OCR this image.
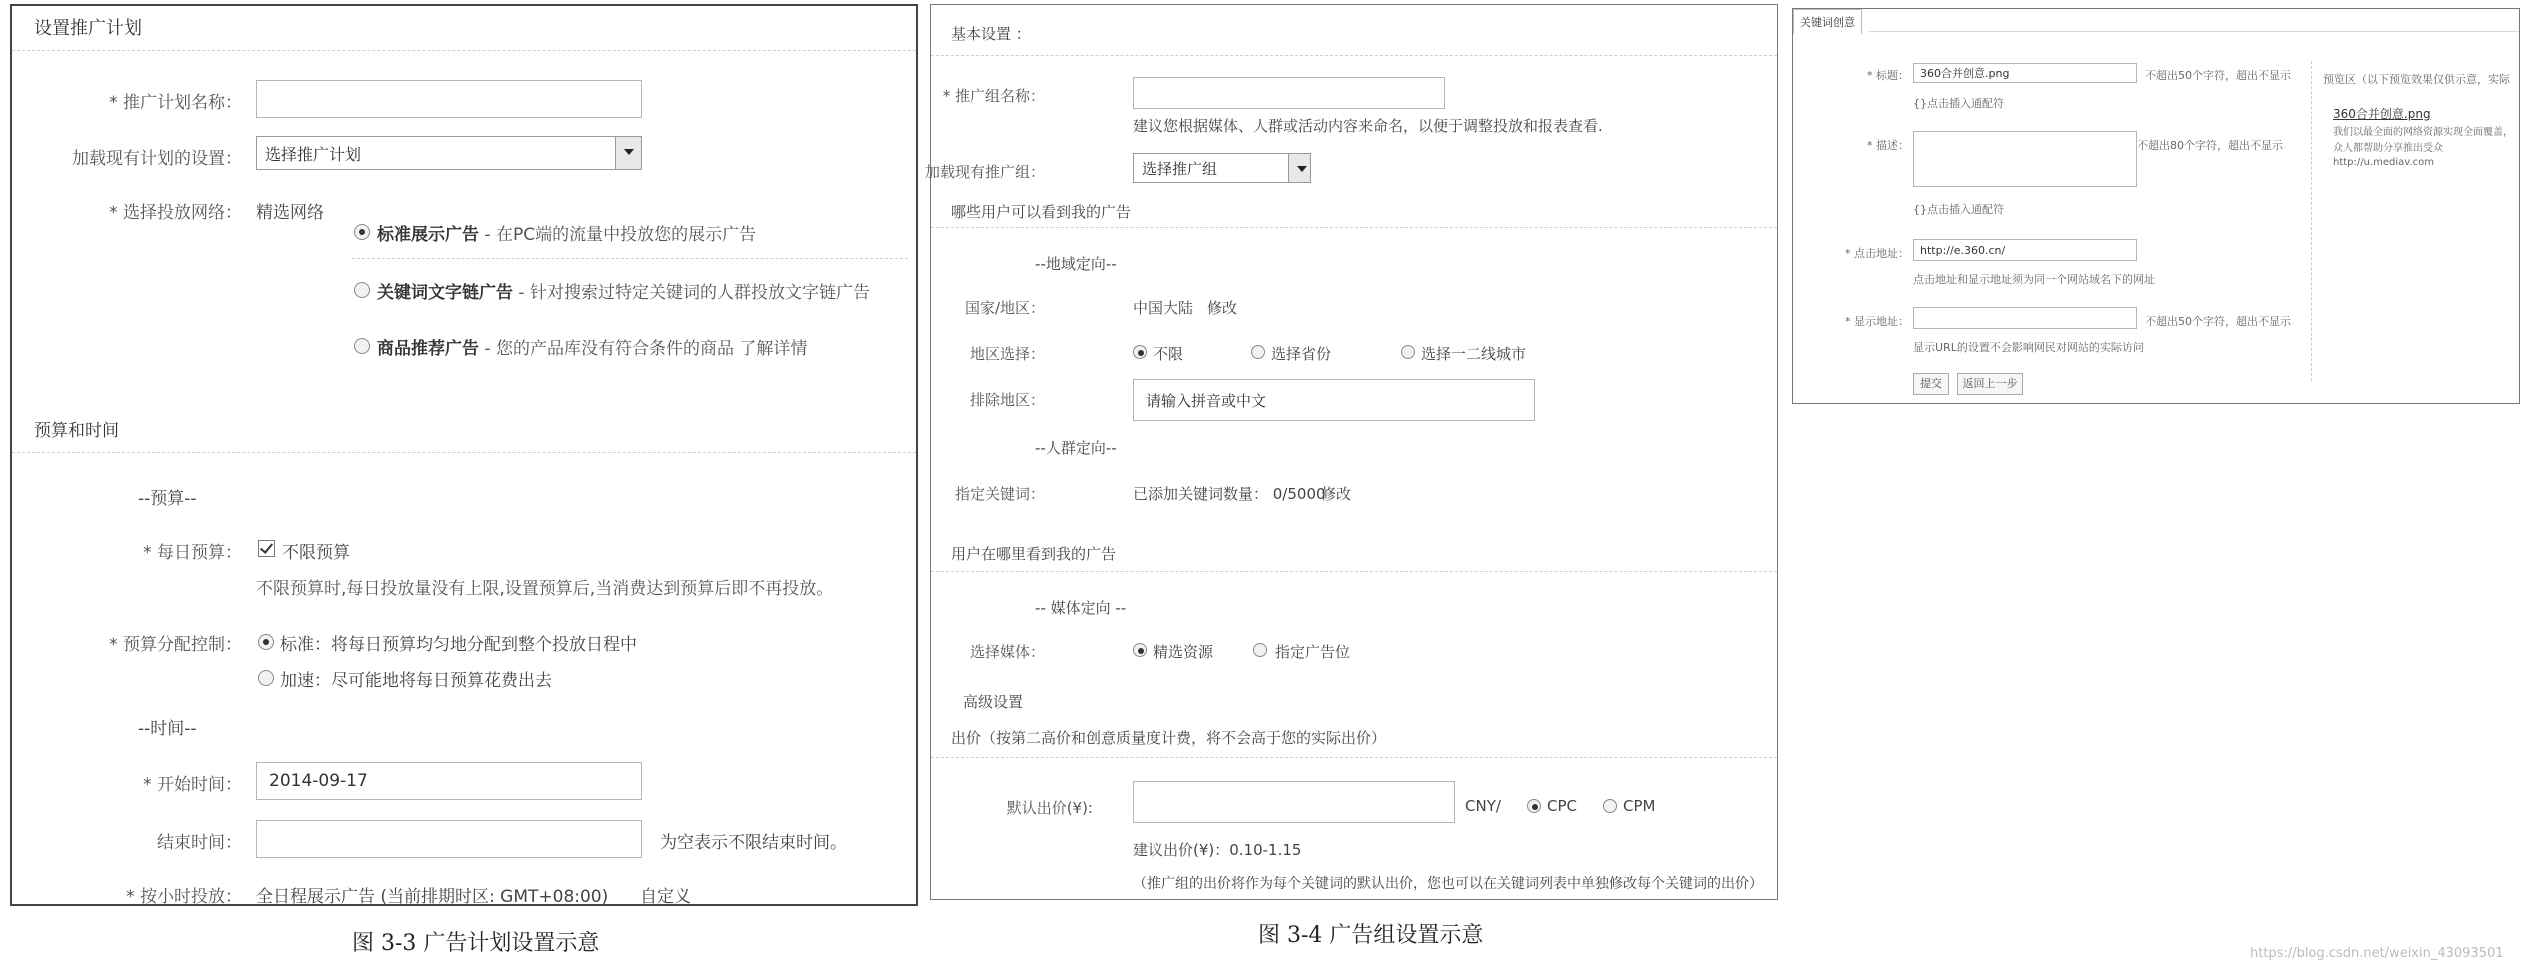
设置推广计划
* 推广计划名称：
加载现有计划的设置： 选择推广计划
* 选择投放网络： 精选网络
标准展示广告 - 在PC端的流量中投放您的展示广告
关键词文字链广告 - 针对搜索过特定关键词的人群投放文字链广告
商品推荐广告 - 您的产品库没有符合条件的商品 了解详情
预算和时间
--预算--
* 每日预算： 不限预算
不限预算时,每日投放量没有上限,设置预算后,当消费达到预算后即不再投放。
* 预算分配控制： 标准：将每日预算均匀地分配到整个投放日程中
加速：尽可能地将每日预算花费出去
--时间--
* 开始时间：
2014-09-17
结束时间：	为空表示不限结束时间。
* 按小时投放： 全日程展示广告 (当前排期时区: GMT+08:00) 自定义
图 3-3 广告计划设置示意
基本设置 ：
* 推广组名称：
建议您根据媒体、人群或活动内容来命名，以便于调整投放和报表查看.
加载现有推广组：	选择推广组
哪些用户可以看到我的广告
--地域定向--
国家/地区：	中国大陆 修改
地区选择：	不限	选择省份	选择一二线城市
排除地区：
请输入拼音或中文
--人群定向--
指定关键词：	已添加关键词数量： 0/5000
修改
用户在哪里看到我的广告
-- 媒体定向 --
选择媒体：	精选资源	指定广告位
高级设置
出价（按第二高价和创意质量度计费，将不会高于您的实际出价）
默认出价(¥):	CNY/	CPC	CPM
建议出价(¥)：0.10-1.15
（推广组的出价将作为每个关键词的默认出价，您也可以在关键词列表中单独修改每个关键词的出价）
图 3-4 广告组设置示意
关键词创意
* 标题：
360合并创意.png	不超出50个字符，超出不显示
{}点击插入通配符
* 描述：	不超出80个字符，超出不显示
{}点击插入通配符
* 点击地址：
http://e.360.cn/
点击地址和显示地址须为同一个网站域名下的网址
* 显示地址：	不超出50个字符，超出不显示
显示URL的设置不会影响网民对网站的实际访问
提交	返回上一步
预览区（以下预览效果仅供示意，实际
360合并创意.png
我们以最全面的网络资源实现全面覆盖，
众人都帮助分享推出受众
http://u.mediav.com
https://blog.csdn.net/weixin_43093501
